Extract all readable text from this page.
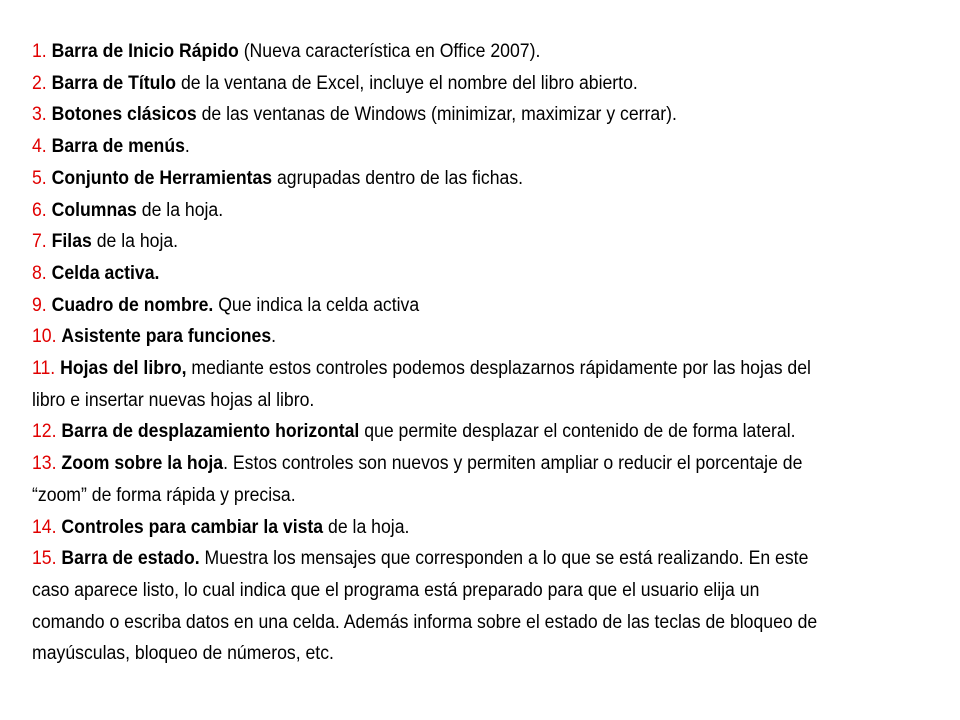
1. Barra de Inicio Rápido (Nueva característica en Office 2007).
2. Barra de Título de la ventana de Excel, incluye el nombre del libro abierto.
3. Botones clásicos de las ventanas de Windows (minimizar, maximizar y cerrar).
4. Barra de menús.
5. Conjunto de Herramientas agrupadas dentro de las fichas.
6. Columnas de la hoja.
7. Filas de la hoja.
8. Celda activa.
9. Cuadro de nombre. Que indica la celda activa
10. Asistente para funciones.
11. Hojas del libro, mediante estos controles podemos desplazarnos rápidamente por las hojas del libro e insertar nuevas hojas al libro.
12. Barra de desplazamiento horizontal que permite desplazar el contenido de de forma lateral.
13. Zoom sobre la hoja. Estos controles son nuevos y permiten ampliar o reducir el porcentaje de “zoom” de forma rápida y precisa.
14. Controles para cambiar la vista de la hoja.
15. Barra de estado. Muestra los mensajes que corresponden a lo que se está realizando. En este caso aparece listo, lo cual indica que el programa está preparado para que el usuario elija un comando o escriba datos en una celda. Además informa sobre el estado de las teclas de bloqueo de mayúsculas, bloqueo de números, etc.
